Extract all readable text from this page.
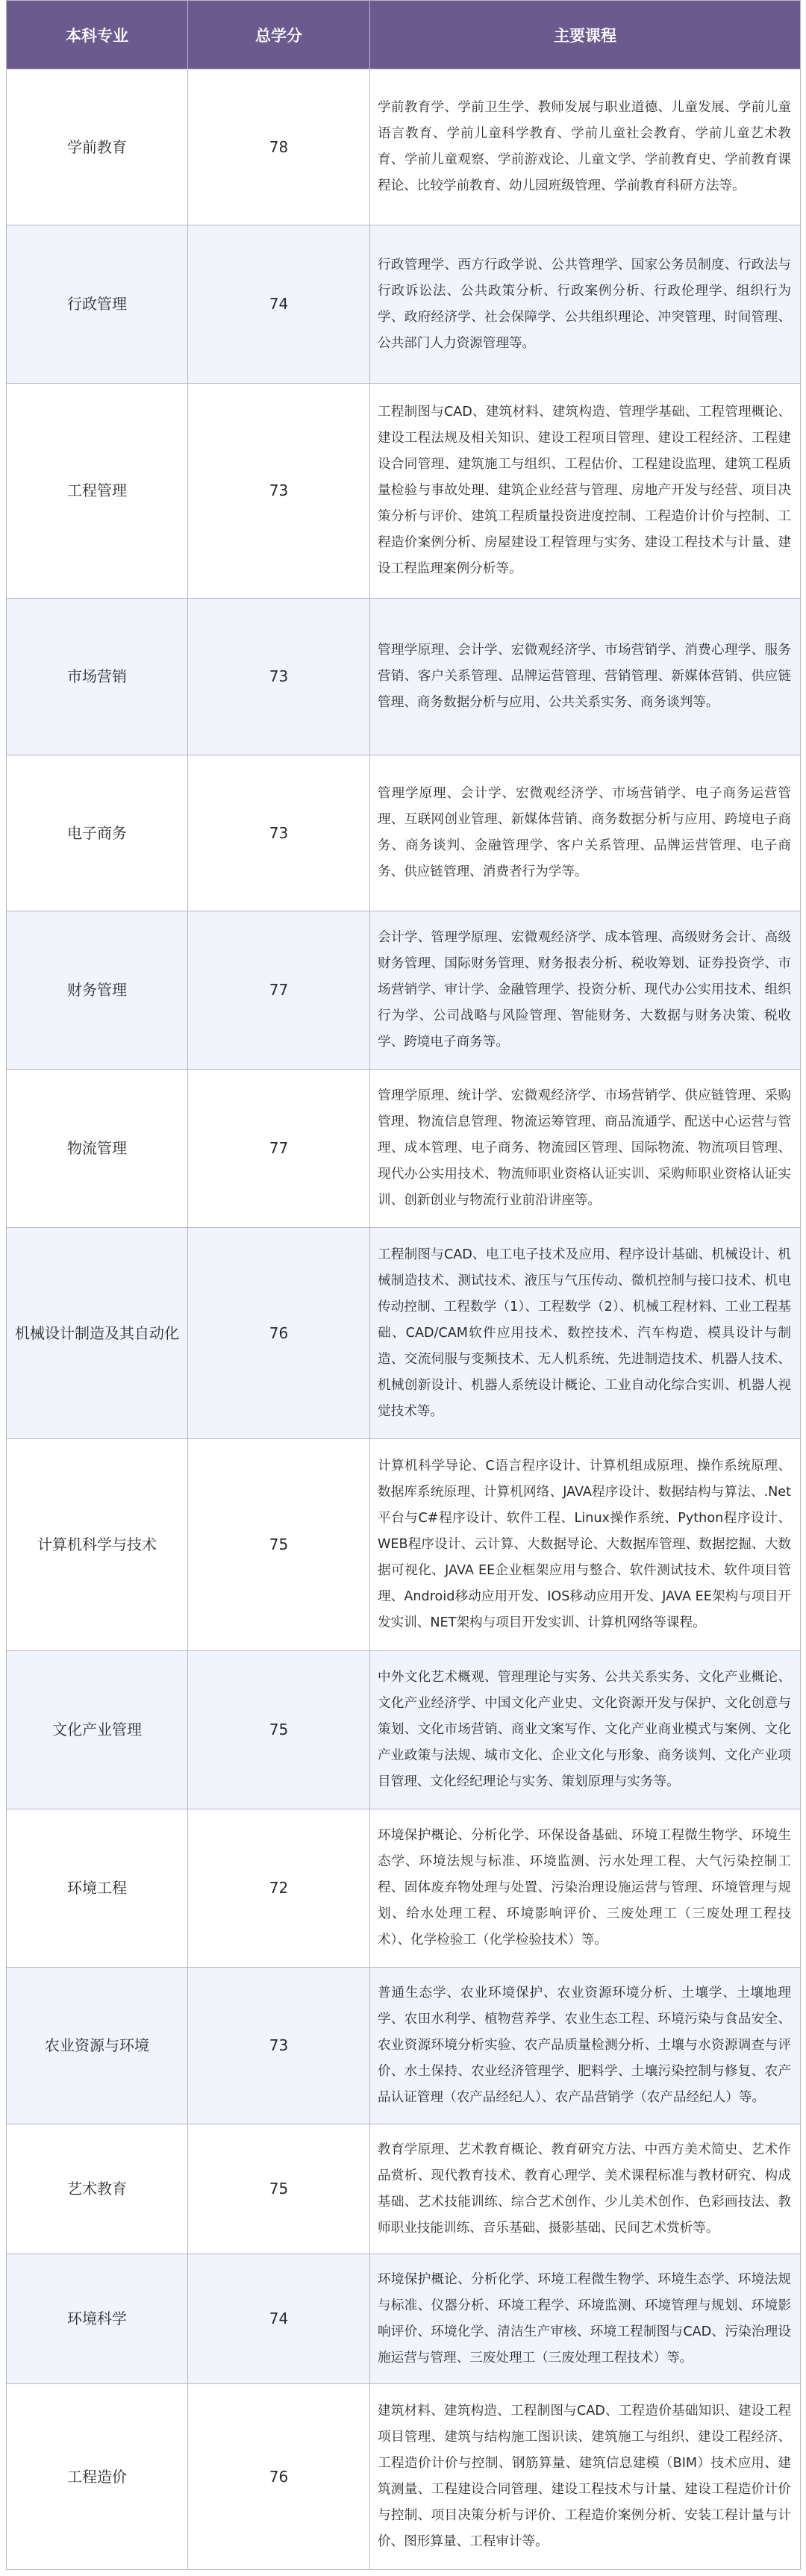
本科专业	总学分	主要课程
学前教育	78	学前教育学、学前卫生学、教师发展与职业道德、儿童发展、学前儿童语言教育、学前儿童科学教育、学前儿童社会教育、学前儿童艺术教育、学前儿童观察、学前游戏论、儿童文学、学前教育史、学前教育课程论、比较学前教育、幼儿园班级管理、学前教育科研方法等。
行政管理	74	行政管理学、西方行政学说、公共管理学、国家公务员制度、行政法与行政诉讼法、公共政策分析、行政案例分析、行政伦理学、组织行为学、政府经济学、社会保障学、公共组织理论、冲突管理、时间管理、公共部门人力资源管理等。
工程管理	73	工程制图与CAD、建筑材料、建筑构造、管理学基础、工程管理概论、建设工程法规及相关知识、建设工程项目管理、建设工程经济、工程建设合同管理、建筑施工与组织、工程估价、工程建设监理、建筑工程质量检验与事故处理、建筑企业经营与管理、房地产开发与经营、项目决策分析与评价、建筑工程质量投资进度控制、工程造价计价与控制、工程造价案例分析、房屋建设工程管理与实务、建设工程技术与计量、建设工程监理案例分析等。
市场营销	73	管理学原理、会计学、宏微观经济学、市场营销学、消费心理学、服务营销、客户关系管理、品牌运营管理、营销管理、新媒体营销、供应链管理、商务数据分析与应用、公共关系实务、商务谈判等。
电子商务	73	管理学原理、会计学、宏微观经济学、市场营销学、电子商务运营管理、互联网创业管理、新媒体营销、商务数据分析与应用、跨境电子商务、商务谈判、金融管理学、客户关系管理、品牌运营管理、电子商务、供应链管理、消费者行为学等。
财务管理	77	会计学、管理学原理、宏微观经济学、成本管理、高级财务会计、高级财务管理、国际财务管理、财务报表分析、税收筹划、证券投资学、市场营销学、审计学、金融管理学、投资分析、现代办公实用技术、组织行为学、公司战略与风险管理、智能财务、大数据与财务决策、税收学、跨境电子商务等。
物流管理	77	管理学原理、统计学、宏微观经济学、市场营销学、供应链管理、采购管理、物流信息管理、物流运筹管理、商品流通学、配送中心运营与管理、成本管理、电子商务、物流园区管理、国际物流、物流项目管理、现代办公实用技术、物流师职业资格认证实训、采购师职业资格认证实训、创新创业与物流行业前沿讲座等。
机械设计制造及其自动化	76	工程制图与CAD、电工电子技术及应用、程序设计基础、机械设计、机械制造技术、测试技术、液压与气压传动、微机控制与接口技术、机电传动控制、工程数学（1）、工程数学（2）、机械工程材料、工业工程基础、CAD/CAM软件应用技术、数控技术、汽车构造、模具设计与制造、交流伺服与变频技术、无人机系统、先进制造技术、机器人技术、机械创新设计、机器人系统设计概论、工业自动化综合实训、机器人视觉技术等。
计算机科学与技术	75	计算机科学导论、C语言程序设计、计算机组成原理、操作系统原理、数据库系统原理、计算机网络、JAVA程序设计、数据结构与算法、.Net平台与C#程序设计、软件工程、Linux操作系统、Python程序设计、WEB程序设计、云计算、大数据导论、大数据库管理、数据挖掘、大数据可视化、JAVA EE企业框架应用与整合、软件测试技术、软件项目管理、Android移动应用开发、IOS移动应用开发、JAVA EE架构与项目开发实训、NET架构与项目开发实训、计算机网络等课程。
文化产业管理	75	中外文化艺术概观、管理理论与实务、公共关系实务、文化产业概论、文化产业经济学、中国文化产业史、文化资源开发与保护、文化创意与策划、文化市场营销、商业文案写作、文化产业商业模式与案例、文化产业政策与法规、城市文化、企业文化与形象、商务谈判、文化产业项目管理、文化经纪理论与实务、策划原理与实务等。
环境工程	72	环境保护概论、分析化学、环保设备基础、环境工程微生物学、环境生态学、环境法规与标准、环境监测、污水处理工程、大气污染控制工程、固体废弃物处理与处置、污染治理设施运营与管理、环境管理与规划、给水处理工程、环境影响评价、三废处理工（三废处理工程技术）、化学检验工（化学检验技术）等。
农业资源与环境	73	普通生态学、农业环境保护、农业资源环境分析、土壤学、土壤地理学、农田水利学、植物营养学、农业生态工程、环境污染与食品安全、农业资源环境分析实验、农产品质量检测分析、土壤与水资源调查与评价、水土保持、农业经济管理学、肥料学、土壤污染控制与修复、农产品认证管理（农产品经纪人）、农产品营销学（农产品经纪人）等。
艺术教育	75	教育学原理、艺术教育概论、教育研究方法、中西方美术简史、艺术作品赏析、现代教育技术、教育心理学、美术课程标准与教材研究、构成基础、艺术技能训练、综合艺术创作、少儿美术创作、色彩画技法、教师职业技能训练、音乐基础、摄影基础、民间艺术赏析等。
环境科学	74	环境保护概论、分析化学、环境工程微生物学、环境生态学、环境法规与标准、仪器分析、环境工程学、环境监测、环境管理与规划、环境影响评价、环境化学、清洁生产审核、环境工程制图与CAD、污染治理设施运营与管理、三废处理工（三废处理工程技术）等。
工程造价	76	建筑材料、建筑构造、工程制图与CAD、工程造价基础知识、建设工程项目管理、建筑与结构施工图识读、建筑施工与组织、建设工程经济、工程造价计价与控制、钢筋算量、建筑信息建模（BIM）技术应用、建筑测量、工程建设合同管理、建设工程技术与计量、建设工程造价计价与控制、项目决策分析与评价、工程造价案例分析、安装工程计量与计价、图形算量、工程审计等。
